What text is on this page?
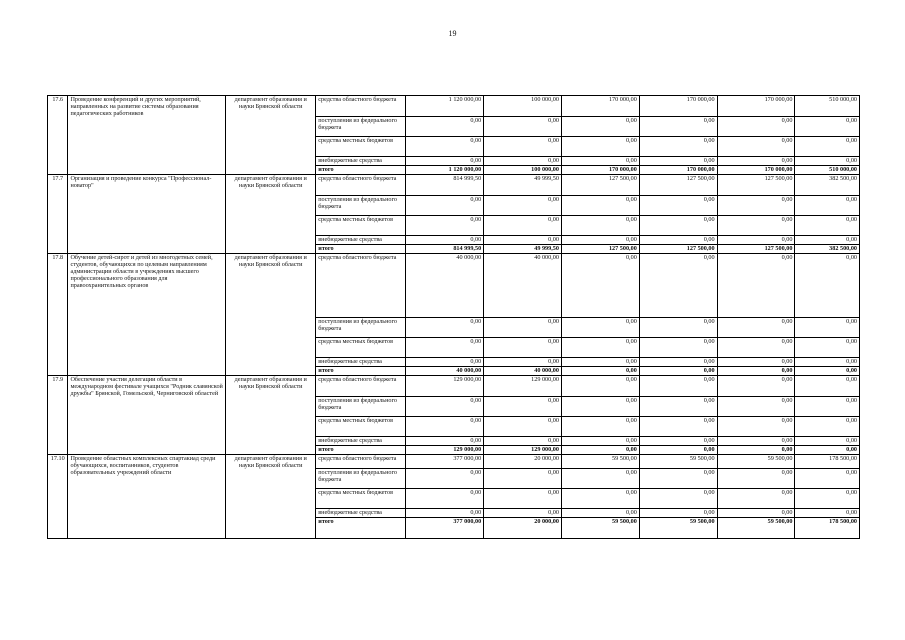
19
17.6	Проведение конференций и других мероприятий, направленных на развитие системы образования педагогических работников	департамент образования и науки Брянской области	средства областного бюджета	1 120 000,00	100 000,00	170 000,00	170 000,00	170 000,00	510 000,00
			поступления из федерального бюджета	0,00	0,00	0,00	0,00	0,00	0,00
			средства местных бюджетов	0,00	0,00	0,00	0,00	0,00	0,00
			внебюджетные средства	0,00	0,00	0,00	0,00	0,00	0,00
			итого	1 120 000,00	100 000,00	170 000,00	170 000,00	170 000,00	510 000,00
17.7	Организация и проведение конкурса "Профессионал-новатор"	департамент образования и науки Брянской области	средства областного бюджета	814 999,50	49 999,50	127 500,00	127 500,00	127 500,00	382 500,00
			поступления из федерального бюджета	0,00	0,00	0,00	0,00	0,00	0,00
			средства местных бюджетов	0,00	0,00	0,00	0,00	0,00	0,00
			внебюджетные средства	0,00	0,00	0,00	0,00	0,00	0,00
			итого	814 999,50	49 999,50	127 500,00	127 500,00	127 500,00	382 500,00
17.8	Обучение детей-сирот и детей из многодетных семей, студентов, обучающихся по целевым направлениям администрации области в учреждениях высшего профессионального образования для правоохранительных органов	департамент образования и науки Брянской области	средства областного бюджета	40 000,00	40 000,00	0,00	0,00	0,00	0,00
			поступления из федерального бюджета	0,00	0,00	0,00	0,00	0,00	0,00
			средства местных бюджетов	0,00	0,00	0,00	0,00	0,00	0,00
			внебюджетные средства	0,00	0,00	0,00	0,00	0,00	0,00
			итого	40 000,00	40 000,00	0,00	0,00	0,00	0,00
17.9	Обеспечение участия делегации области в международном фестивале учащихся "Родник славянской дружбы" Брянской, Гомельской, Черниговской областей	департамент образования и науки Брянской области	средства областного бюджета	129 000,00	129 000,00	0,00	0,00	0,00	0,00
			поступления из федерального бюджета	0,00	0,00	0,00	0,00	0,00	0,00
			средства местных бюджетов	0,00	0,00	0,00	0,00	0,00	0,00
			внебюджетные средства	0,00	0,00	0,00	0,00	0,00	0,00
			итого	129 000,00	129 000,00	0,00	0,00	0,00	0,00
17.10	Проведение областных комплексных спартакиад среди обучающихся, воспитанников, студентов образовательных учреждений области	департамент образования и науки Брянской области	средства областного бюджета	377 000,00	20 000,00	59 500,00	59 500,00	59 500,00	178 500,00
			поступления из федерального бюджета	0,00	0,00	0,00	0,00	0,00	0,00
			средства местных бюджетов	0,00	0,00	0,00	0,00	0,00	0,00
			внебюджетные средства	0,00	0,00	0,00	0,00	0,00	0,00
			итого	377 000,00	20 000,00	59 500,00	59 500,00	59 500,00	178 500,00
